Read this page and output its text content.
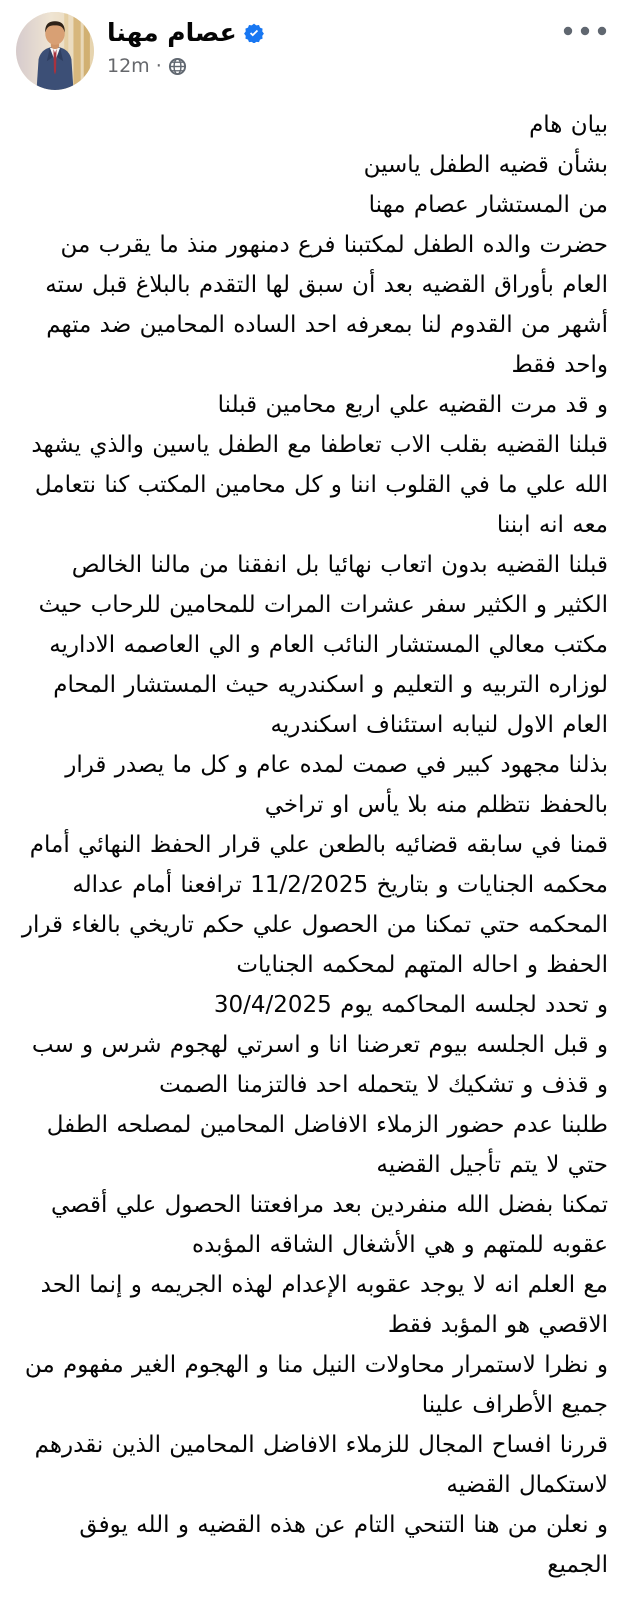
عصام مهنا
12m ·
بيان هام
بشأن قضيه الطفل ياسين
من المستشار عصام مهنا
حضرت والده الطفل لمكتبنا فرع دمنهور منذ ما يقرب من العام بأوراق القضيه بعد أن سبق لها التقدم بالبلاغ قبل سته أشهر من القدوم لنا بمعرفه احد الساده المحامين ضد متهم واحد فقط
و قد مرت القضيه علي اربع محامين قبلنا
قبلنا القضيه بقلب الاب تعاطفا مع الطفل ياسين والذي يشهد الله علي ما في القلوب اننا و كل محامين المكتب كنا نتعامل معه انه ابننا
قبلنا القضيه بدون اتعاب نهائيا بل انفقنا من مالنا الخالص الكثير و الكثير سفر عشرات المرات للمحامين للرحاب حيث مكتب معالي المستشار النائب العام و الي العاصمه الاداريه لوزاره التربيه و التعليم و اسكندريه حيث المستشار المحام العام الاول لنيابه استئناف اسكندريه
بذلنا مجهود كبير في صمت لمده عام و كل ما يصدر قرار بالحفظ نتظلم منه بلا يأس او تراخي
قمنا في سابقه قضائيه بالطعن علي قرار الحفظ النهائي أمام محكمه الجنايات و بتاريخ 11/2/2025 ترافعنا أمام عداله المحكمه حتي تمكنا من الحصول علي حكم تاريخي بالغاء قرار الحفظ و احاله المتهم لمحكمه الجنايات
و تحدد لجلسه المحاكمه يوم 30/4/2025
و قبل الجلسه بيوم تعرضنا انا و اسرتي لهجوم شرس و سب و قذف و تشكيك لا يتحمله احد فالتزمنا الصمت
طلبنا عدم حضور الزملاء الافاضل المحامين لمصلحه الطفل حتي لا يتم تأجيل القضيه
تمكنا بفضل الله منفردين بعد مرافعتنا الحصول علي أقصي عقوبه للمتهم و هي الأشغال الشاقه المؤبده
مع العلم انه لا يوجد عقوبه الإعدام لهذه الجريمه و إنما الحد الاقصي هو المؤبد فقط
و نظرا لاستمرار محاولات النيل منا و الهجوم الغير مفهوم من جميع الأطراف علينا
قررنا افساح المجال للزملاء الافاضل المحامين الذين نقدرهم لاستكمال القضيه
و نعلن من هنا التنحي التام عن هذه القضيه و الله يوفق الجميع
